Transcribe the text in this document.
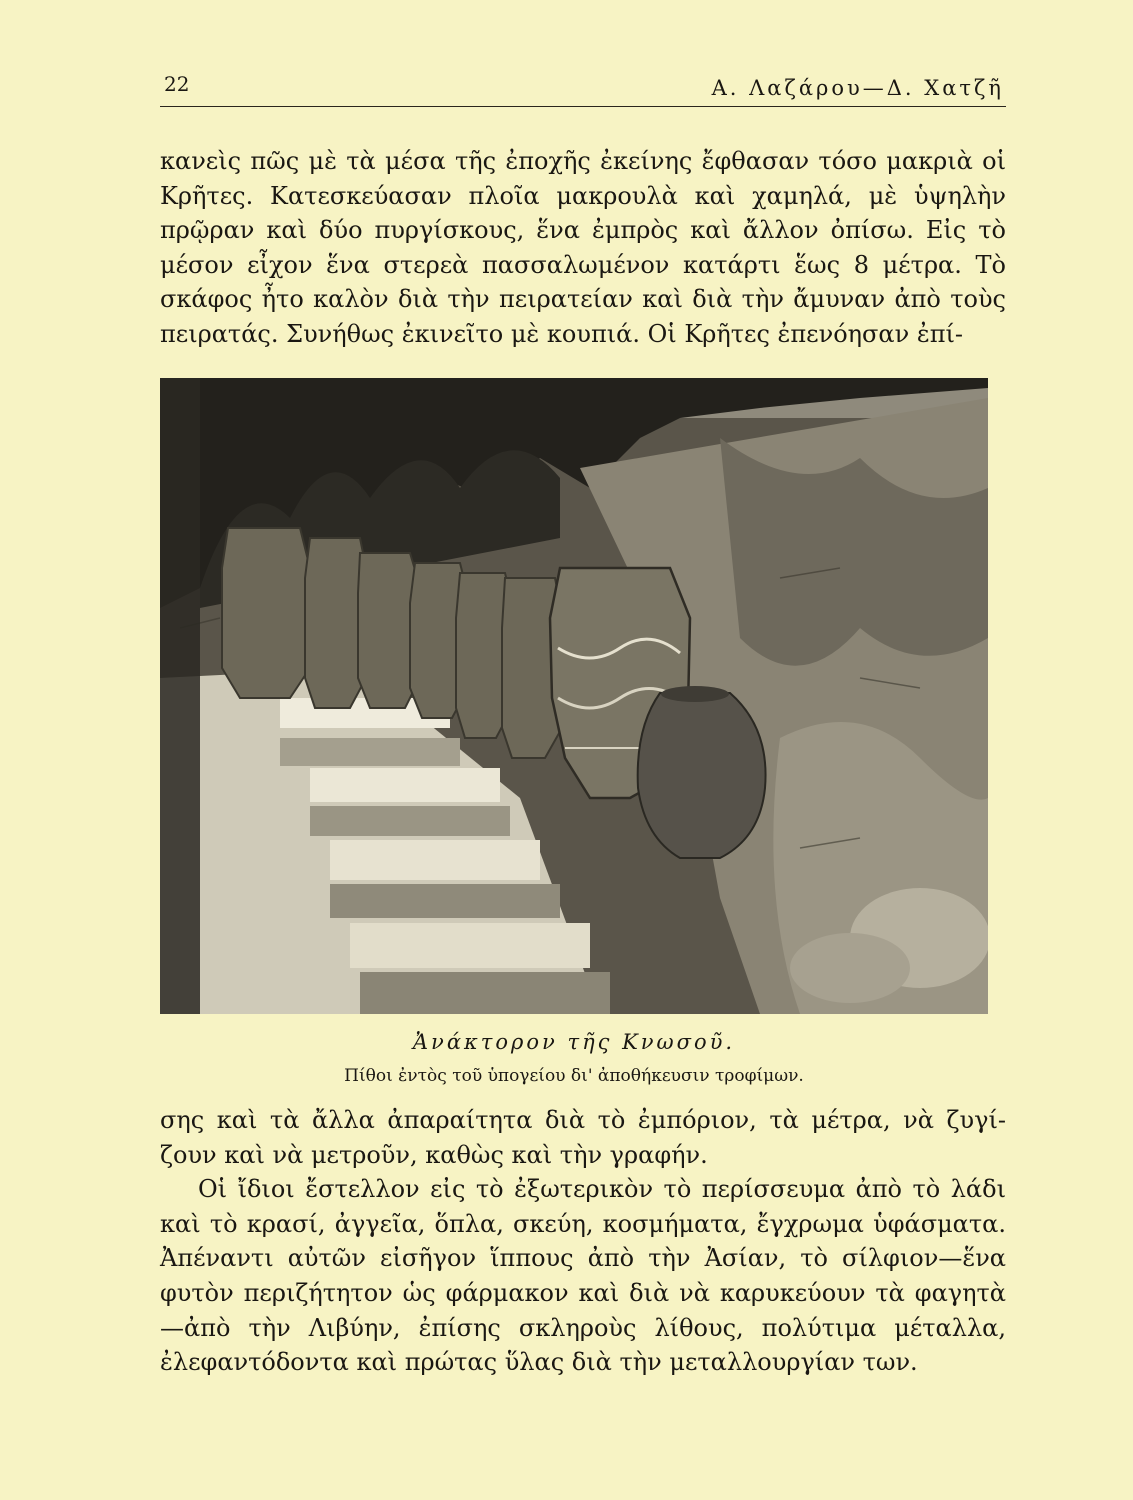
22	Α. Λαζάρου—Δ. Χατζῆ

κανεὶς πῶς μὲ τὰ μέσα τῆς ἐποχῆς ἐκείνης ἔφθασαν τόσο μακριὰ οἱ Κρῆτες. Κατεσκεύασαν πλοῖα μακρουλὰ καὶ χαμηλά, μὲ ὑψηλὴν πρῷραν καὶ δύο πυργίσκους, ἕνα ἐμπρὸς καὶ ἄλλον ὀπίσω. Εἰς τὸ μέσον εἶχον ἕνα στερεὰ πασσαλωμένον κατάρτι ἕως 8 μέτρα. Τὸ σκάφος ἦτο καλὸν διὰ τὴν πειρατείαν καὶ διὰ τὴν ἄμυναν ἀπὸ τοὺς πειρατάς. Συνήθως ἐκινεῖτο μὲ κουπιά. Οἱ Κρῆτες ἐπενόησαν ἐπί-

Ἀνάκτορον τῆς Κνωσοῦ.

Πίθοι ἐντὸς τοῦ ὑπογείου δι' ἀποθήκευσιν τροφίμων.

σης καὶ τὰ ἄλλα ἀπαραίτητα διὰ τὸ ἐμπόριον, τὰ μέτρα, νὰ ζυγί-ζουν καὶ νὰ μετροῦν, καθὼς καὶ τὴν γραφήν.
Οἱ ἴδιοι ἔστελλον εἰς τὸ ἐξωτερικὸν τὸ περίσσευμα ἀπὸ τὸ λάδι καὶ τὸ κρασί, ἀγγεῖα, ὅπλα, σκεύη, κοσμήματα, ἔγχρωμα ὑφάσματα. Ἀπέναντι αὐτῶν εἰσῆγον ἵππους ἀπὸ τὴν Ἀσίαν, τὸ σίλφιον—ἕνα φυτὸν περιζήτητον ὡς φάρμακον καὶ διὰ νὰ καρυκεύουν τὰ φαγητὰ—ἀπὸ τὴν Λιβύην, ἐπίσης σκληροὺς λίθους, πολύτιμα μέταλλα, ἐλεφαντόδοντα καὶ πρώτας ὕλας διὰ τὴν μεταλλουργίαν των.
